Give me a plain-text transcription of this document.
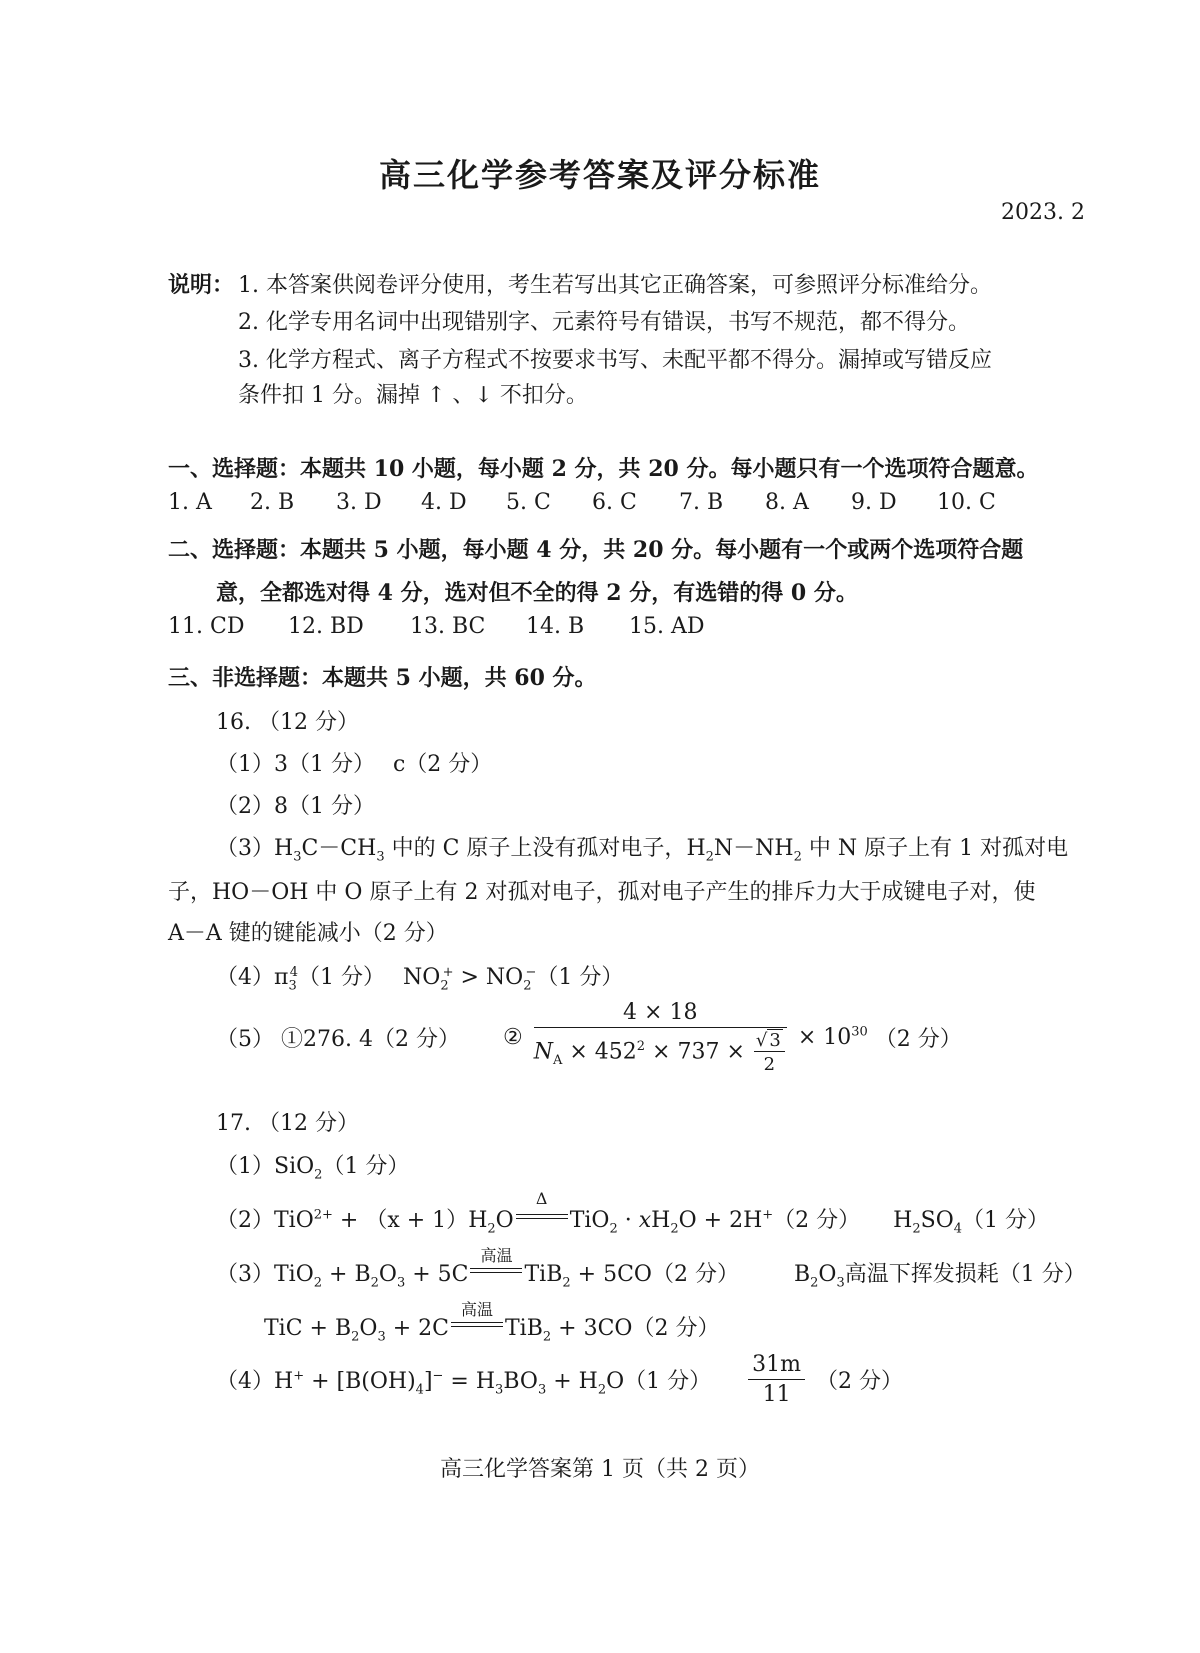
高三化学参考答案及评分标准
2023. 2
说明： 1. 本答案供阅卷评分使用，考生若写出其它正确答案，可参照评分标准给分。
2. 化学专用名词中出现错别字、元素符号有错误，书写不规范，都不得分。
3. 化学方程式、离子方程式不按要求书写、未配平都不得分。漏掉或写错反应
条件扣 1 分。漏掉 ↑ 、↓ 不扣分。
一、选择题：本题共 10 小题，每小题 2 分，共 20 分。每小题只有一个选项符合题意。
1. A 2. B 3. D 4. D 5. C 6. C 7. B 8. A 9. D 10. C
二、选择题：本题共 5 小题，每小题 4 分，共 20 分。每小题有一个或两个选项符合题
意，全都选对得 4 分，选对但不全的得 2 分，有选错的得 0 分。
11. CD 12. BD 13. BC 14. B 15. AD
三、非选择题：本题共 5 小题，共 60 分。
16. （12 分）
（1）3（1 分）　 c（2 分）
（2）8（1 分）
$(3)H_3C-CH_3$ 中的 C 原子上没有孤对电子，$H_2N-NH_2$ 中 N 原子上有 1 对孤对电
子，HO－OH 中 O 原子上有 2 对孤对电子，孤对电子产生的排斥力大于成键电子对，使
A－A 键的键能减小（2 分）
$(4)\pi_3^4(1$ 分）　 $NO_2^+ > NO_2^-(1$ 分）
（5） ①276. 4（2 分） ② $\frac{4 \times 18}{N_A \times 452^2 \times 737 \times \frac{√ 3}{2}} \times 10^{30}$ （2 分）
17. （12 分）
（1）SiO$_2$（1 分）
$(2)TiO^{2+} + (x + 1)H_2O$
Δ
$TiO_2 \cdot xH_2O + 2H^+(2$ 分）　　$H_2SO_4(1$ 分）
$(3)TiO_2 + B_2O_3 + 5C$
高温
TiB$_2$ + 5CO（2 分）　　　$B_2O_3$高温下挥发损耗（1 分）
TiC + $B_2O_3 + 2C$
高温
TiB$_2$ + 3CO（2 分）
$(4)H^+ + [B(OH)_4]^- = H_3BO_3 + H_2O(1$ 分） $\frac{31m}{11} (2$ 分）
高三化学答案第 1 页（共 2 页）
